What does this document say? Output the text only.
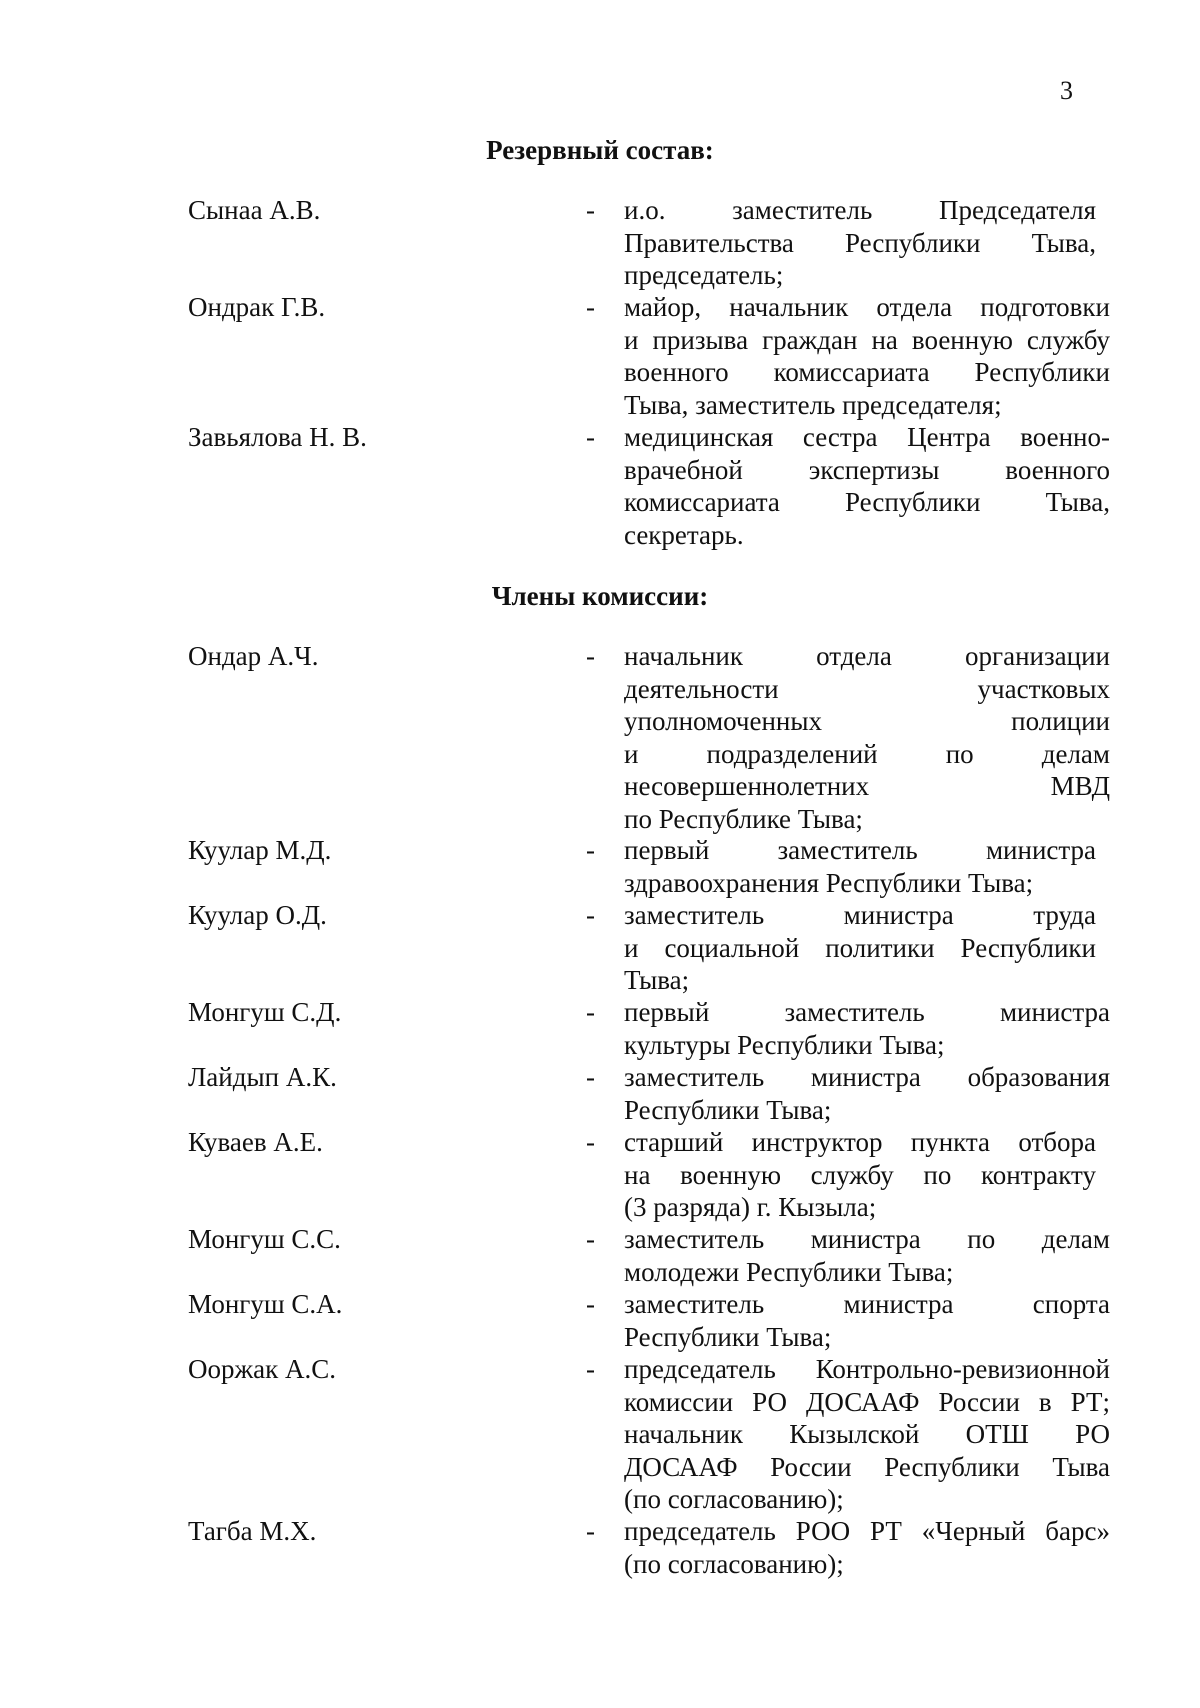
3
Резервный состав:
Сынаа А.В.	- и.о. заместитель Председателя
Правительства Республики Тыва,
председатель;
Ондрак Г.В.	- майор, начальник отдела подготовки
и призыва граждан на военную службу
военного комиссариата Республики
Тыва, заместитель председателя;
Завьялова Н. В.	- медицинская сестра Центра военно-
врачебной экспертизы военного
комиссариата Республики Тыва,
секретарь.
Члены комиссии:
Ондар А.Ч.	- начальник отдела организации
деятельности участковых
уполномоченных полиции
и подразделений по делам
несовершеннолетних МВД
по Республике Тыва;
Куулар М.Д.	- первый заместитель министра
здравоохранения Республики Тыва;
Куулар О.Д.	- заместитель министра труда
и социальной политики Республики
Тыва;
Монгуш С.Д.	- первый заместитель министра
культуры Республики Тыва;
Лайдып А.К.	- заместитель министра образования
Республики Тыва;
Куваев А.Е.	- старший инструктор пункта отбора
на военную службу по контракту
(3 разряда) г. Кызыла;
Монгуш С.С.	- заместитель министра по делам
молодежи Республики Тыва;
Монгуш С.А.	- заместитель министра спорта
Республики Тыва;
Ооржак А.С.	- председатель Контрольно-ревизионной
комиссии РО ДОСААФ России в РТ;
начальник Кызылской ОТШ РО
ДОСААФ России Республики Тыва
(по согласованию);
Тагба М.Х.	- председатель РОО РТ «Черный барс»
(по согласованию);
